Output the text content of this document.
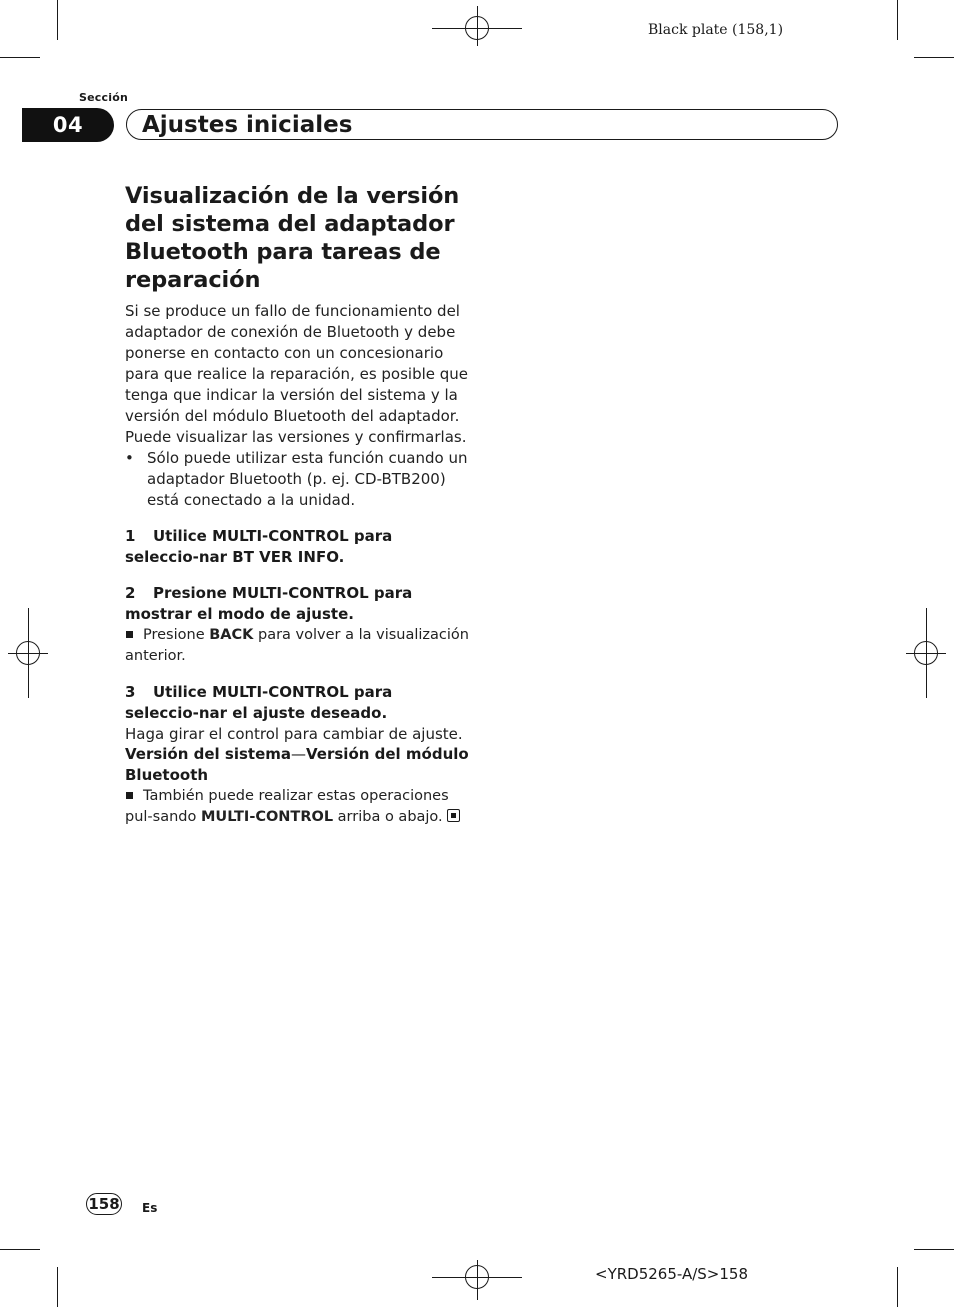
Black plate (158,1)
Sección
04	Ajustes iniciales
Visualización de la versión del sistema del adaptador Bluetooth para tareas de reparación
Si se produce un fallo de funcionamiento del adaptador de conexión de Bluetooth y debe ponerse en contacto con un concesionario para que realice la reparación, es posible que tenga que indicar la versión del sistema y la versión del módulo Bluetooth del adaptador. Puede visualizar las versiones y confirmarlas.
• Sólo puede utilizar esta función cuando un adaptador Bluetooth (p. ej. CD-BTB200) está conectado a la unidad.
1 Utilice MULTI-CONTROL para seleccio-nar BT VER INFO.
2 Presione MULTI-CONTROL para mostrar el modo de ajuste.
Presione BACK para volver a la visualización anterior.
3 Utilice MULTI-CONTROL para seleccio-nar el ajuste deseado.
Haga girar el control para cambiar de ajuste.
Versión del sistema—Versión del módulo Bluetooth
También puede realizar estas operaciones pul-sando MULTI-CONTROL arriba o abajo.
158 Es
<YRD5265-A/S>158
